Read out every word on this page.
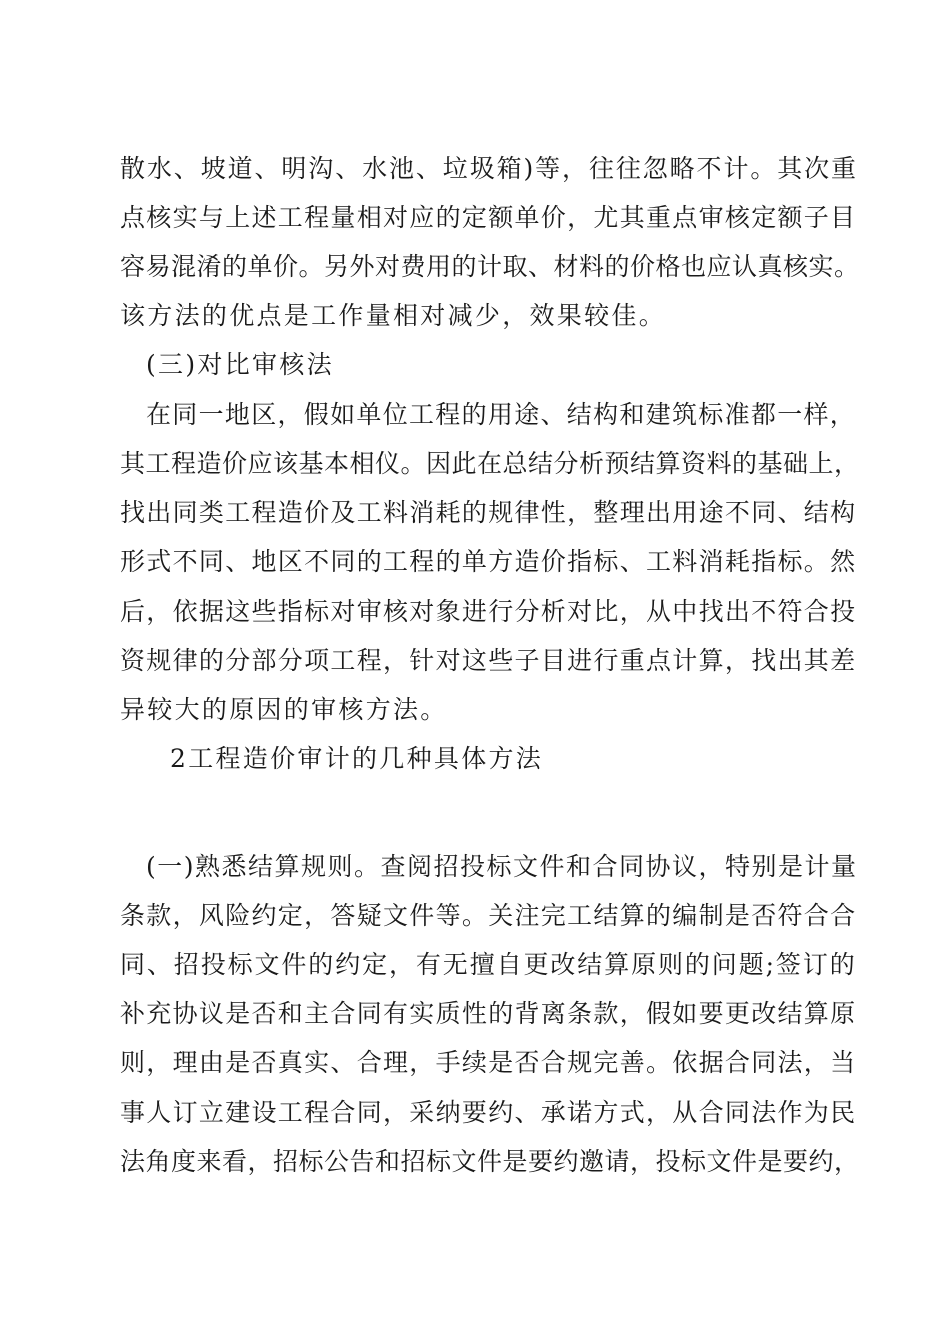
散水、坡道、明沟、水池、垃圾箱)等，往往忽略不计。其次重
点核实与上述工程量相对应的定额单价，尤其重点审核定额子目
容易混淆的单价。另外对费用的计取、材料的价格也应认真核实。
该方法的优点是工作量相对减少，效果较佳。
(三)对比审核法
在同一地区，假如单位工程的用途、结构和建筑标准都一样，
其工程造价应该基本相仪。因此在总结分析预结算资料的基础上，
找出同类工程造价及工料消耗的规律性，整理出用途不同、结构
形式不同、地区不同的工程的单方造价指标、工料消耗指标。然
后，依据这些指标对审核对象进行分析对比，从中找出不符合投
资规律的分部分项工程，针对这些子目进行重点计算，找出其差
异较大的原因的审核方法。
2工程造价审计的几种具体方法
(一)熟悉结算规则。查阅招投标文件和合同协议，特别是计量
条款，风险约定，答疑文件等。关注完工结算的编制是否符合合
同、招投标文件的约定，有无擅自更改结算原则的问题;签订的
补充协议是否和主合同有实质性的背离条款，假如要更改结算原
则，理由是否真实、合理，手续是否合规完善。依据合同法，当
事人订立建设工程合同，采纳要约、承诺方式，从合同法作为民
法角度来看，招标公告和招标文件是要约邀请，投标文件是要约，
